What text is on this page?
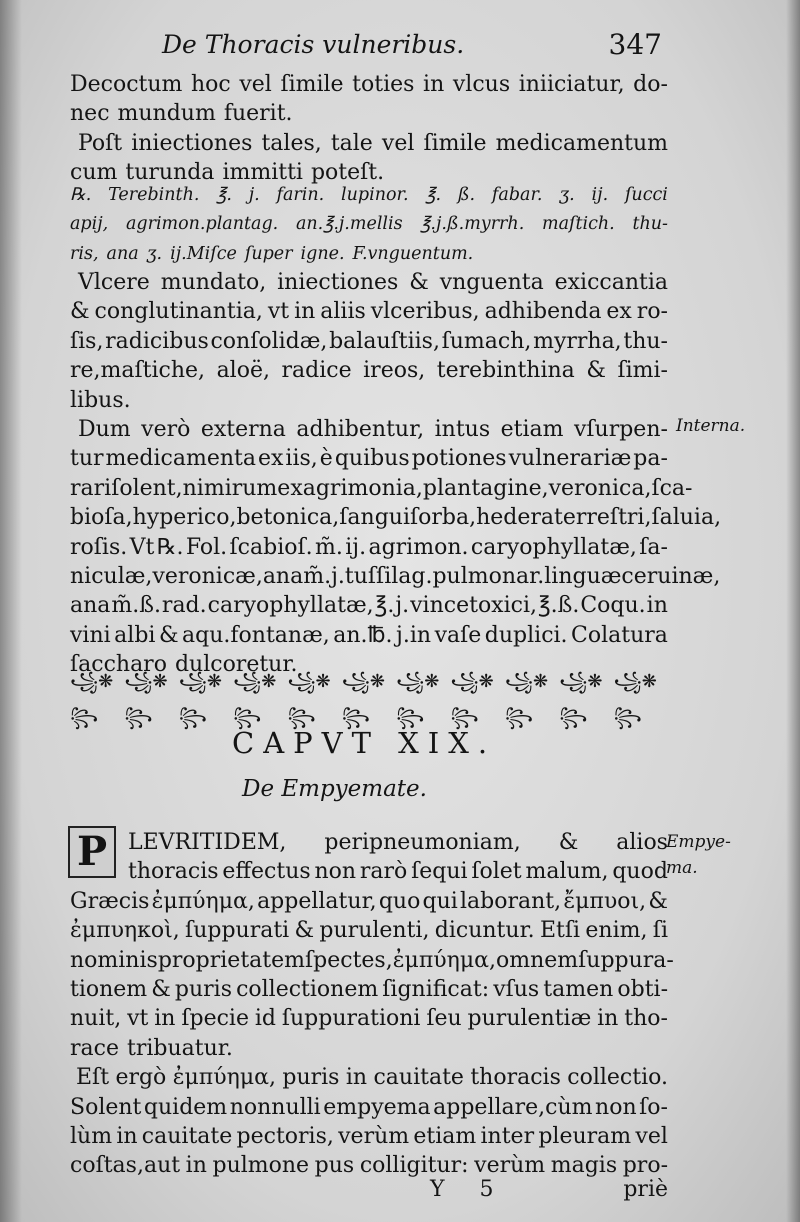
De Thoracis vulneribus.	347
Decoctum hoc vel ſimile toties in vlcus iniiciatur, do-
nec mundum fuerit.
Poſt iniectiones tales, tale vel ſimile medicamentum
cum turunda immitti poteſt.
℞. Terebinth. ℥. j. farin. lupinor. ℥. ß. fabar. ʒ. ij. ſucci
apij, agrimon.plantag. an.℥.j.mellis ℥.j.ß.myrrh. maſtich. thu-
ris, ana ʒ. ij.Miſce ſuper igne. F.vnguentum.
Vlcere mundato, iniectiones & vnguenta exiccantia
& conglutinantia, vt in aliis vlceribus, adhibenda ex ro-
ſis, radicibus conſolidæ, balauſtiis, ſumach, myrrha, thu-
re,maſtiche, aloë, radice ireos, terebinthina & ſimi-
libus.
Dum verò externa adhibentur, intus etiam vſurpen-
tur medicamenta ex iis, è quibus potiones vulnerariæ pa-
rari ſolent,nimirum ex agrimonia, plantagine, veronica, ſca-
bioſa, hyperico, betonica, ſanguiſorba, hedera terreſtri, ſaluia,
roſis. Vt ℞. Fol. ſcabioſ. m̃. ij. agrimon. caryophyllatæ, ſa-
niculæ,veronicæ, ana m̃. j. tuſſilag. pulmonar. linguæ ceruinæ,
ana m̃.ß. rad. caryophyllatæ, ℥. j. vincetoxici, ℥.ß. Coqu. in
vini albi & aqu.fontanæ, an.℔. j.in vaſe duplici. Colatura
ſaccharo dulcoretur.
Interna.
꧁❋꧂
꧁❋꧂
꧁❋꧂
꧁❋꧂
꧁❋꧂
꧁❋꧂
꧁❋꧂
꧁❋꧂
꧁❋꧂
꧁❋꧂
꧁❋꧂
CAPVT XIX.
De Empyemate.
P LEVRITIDEM, peripneumoniam, & alios
thoracis effectus non rarò ſequi ſolet malum, quod
Græcis ἐμπύημα, appellatur, quo qui laborant, ἔμπυοι, &
ἐμπυηκοὶ, ſuppurati & purulenti, dicuntur. Etſi enim, ſi
nominis proprietatem ſpectes, ἐμπύημα, omnem ſuppura-
tionem & puris collectionem ſignificat: vſus tamen obti-
nuit, vt in ſpecie id ſuppurationi ſeu purulentiæ in tho-
race tribuatur.
Eſt ergò ἐμπύημα, puris in cauitate thoracis collectio.
Solent quidem nonnulli empyema appellare,cùm non ſo-
lùm in cauitate pectoris, verùm etiam inter pleuram vel
coſtas,aut in pulmone pus colligitur: verùm magis pro-
Empye-
ma.
Y 5	priè
